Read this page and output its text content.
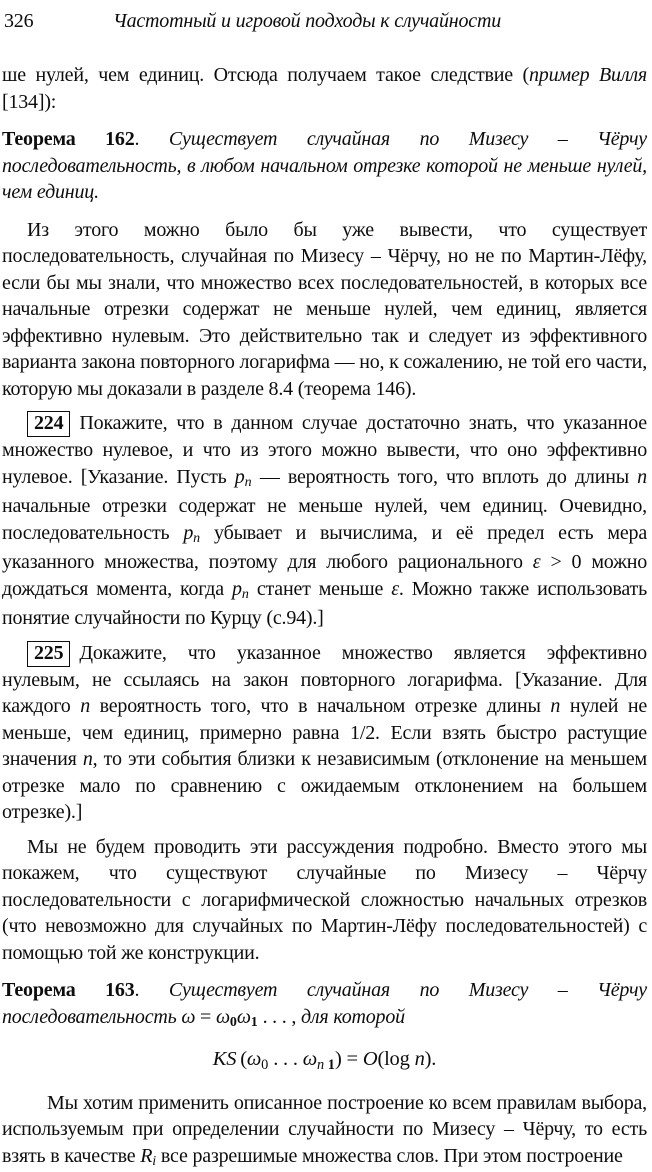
326	Частотный и игровой подходы к случайности

ше нулей, чем единиц. Отсюда получаем такое следствие (пример Вилля [134]):

Теорема 162. Существует случайная по Мизесу – Чёрчу последовательность, в любом начальном отрезке которой не меньше нулей, чем единиц.

Из этого можно было бы уже вывести, что существует последовательность, случайная по Мизесу – Чёрчу, но не по Мартин-Лёфу, если бы мы знали, что множество всех последовательностей, в которых все начальные отрезки содержат не меньше нулей, чем единиц, является эффективно нулевым. Это действительно так и следует из эффективного варианта закона повторного логарифма — но, к сожалению, не той его части, которую мы доказали в разделе 8.4 (теорема 146).

224 Покажите, что в данном случае достаточно знать, что указанное множество нулевое, и что из этого можно вывести, что оно эффективно нулевое. [Указание. Пусть pn — вероятность того, что вплоть до длины n начальные отрезки содержат не меньше нулей, чем единиц. Очевидно, последовательность pn убывает и вычислима, и её предел есть мера указанного множества, поэтому для любого рационального ε > 0 можно дождаться момента, когда pn станет меньше ε. Можно также использовать понятие случайности по Курцу (с.94).]

225 Докажите, что указанное множество является эффективно нулевым, не ссылаясь на закон повторного логарифма. [Указание. Для каждого n вероятность того, что в начальном отрезке длины n нулей не меньше, чем единиц, примерно равна 1/2. Если взять быстро растущие значения n, то эти события близки к независимым (отклонение на меньшем отрезке мало по сравнению с ожидаемым отклонением на большем отрезке).]

Мы не будем проводить эти рассуждения подробно. Вместо этого мы покажем, что существуют случайные по Мизесу – Чёрчу последовательности с логарифмической сложностью начальных отрезков (что невозможно для случайных по Мартин-Лёфу последовательностей) с помощью той же конструкции.

Теорема 163. Существует случайная по Мизесу – Чёрчу последовательность ω = ω0ω1 . . . , для которой

KS (ω0 . . . ωn 1) = O(log n).

Мы хотим применить описанное построение ко всем правилам выбора, используемым при определении случайности по Мизесу – Чёрчу, то есть взять в качестве Ri все разрешимые множества слов. При этом построение
